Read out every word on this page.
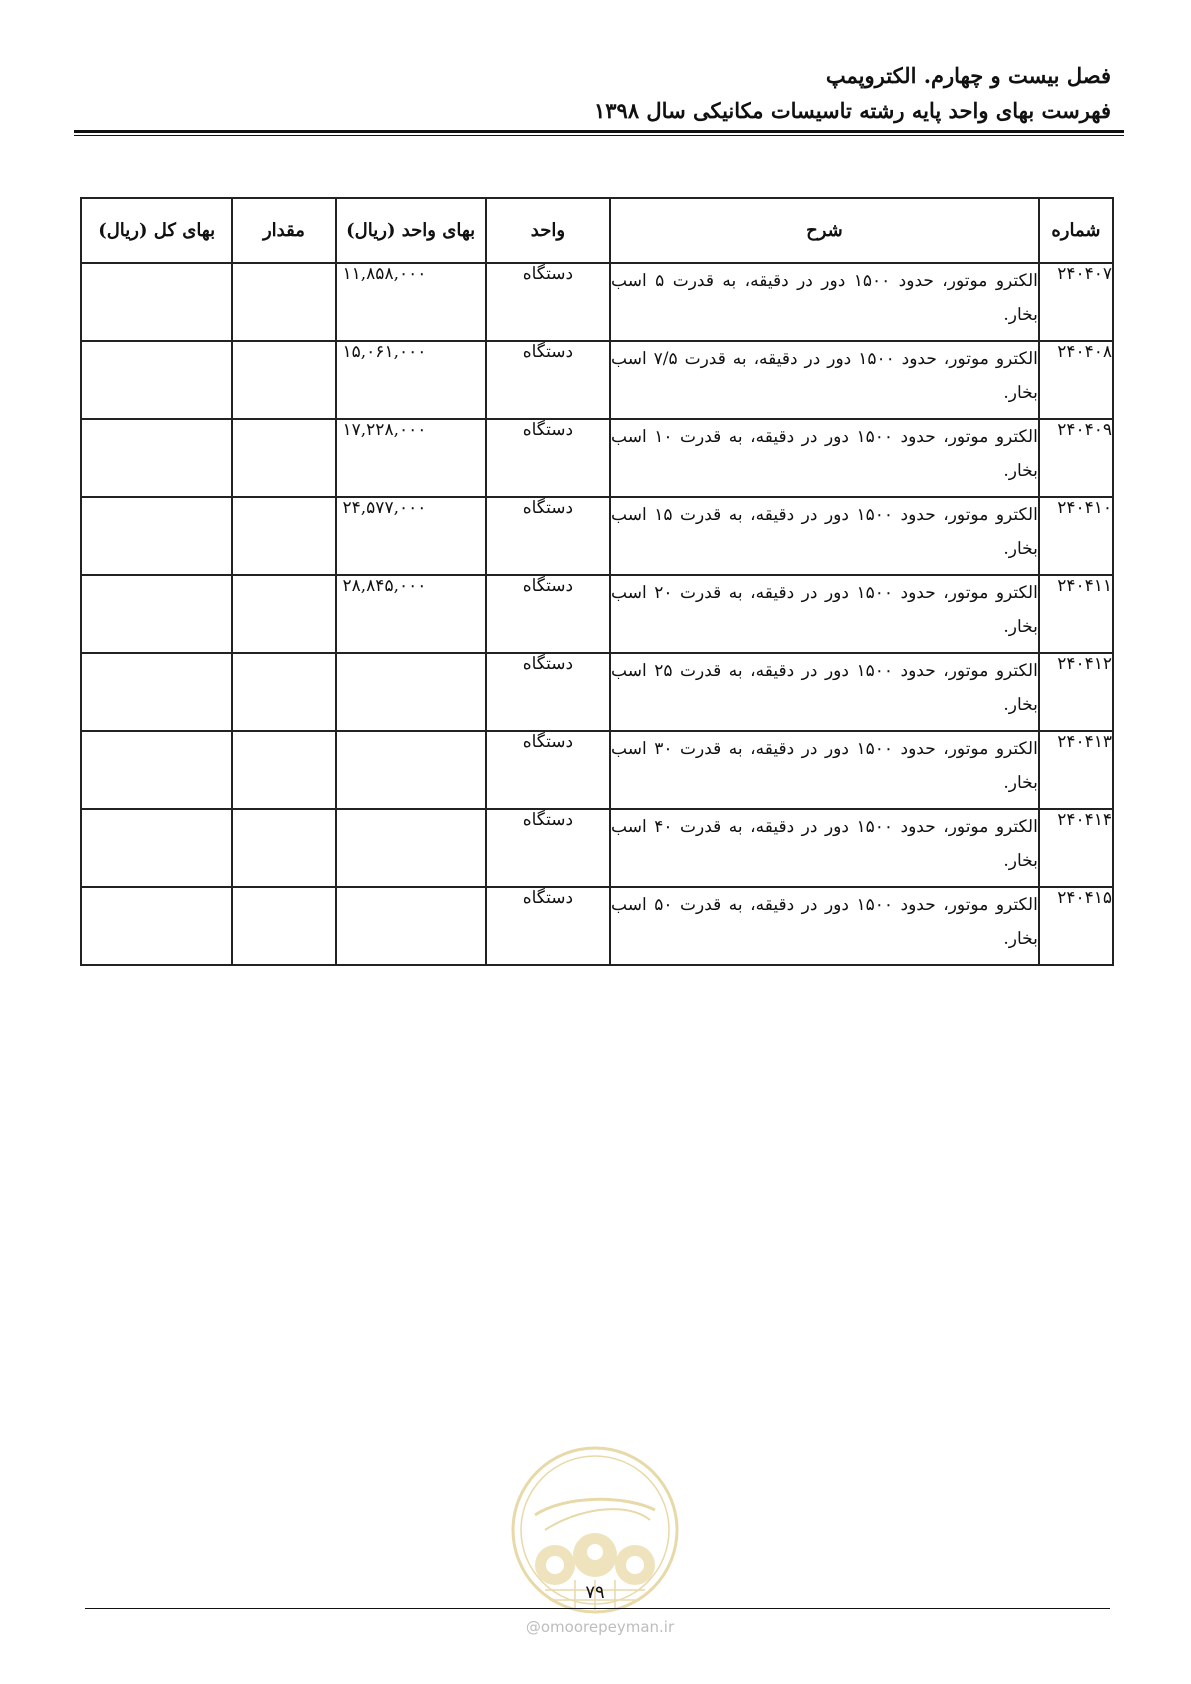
فصل بیست و چهارم. الکتروپمپ
فهرست بهای واحد پایه رشته تاسیسات مکانیکی سال ۱۳۹۸
شماره	شرح	واحد	بهای واحد (ریال)	مقدار	بهای کل (ریال)
۲۴۰۴۰۷	الکترو موتور، حدود ۱۵۰۰ دور در دقیقه، به قدرت ۵ اسب بخار.	دستگاه	۱۱,۸۵۸,۰۰۰		

۲۴۰۴۰۸	الکترو موتور، حدود ۱۵۰۰ دور در دقیقه، به قدرت ۷/۵ اسب بخار.	دستگاه	۱۵,۰۶۱,۰۰۰		

۲۴۰۴۰۹	الکترو موتور، حدود ۱۵۰۰ دور در دقیقه، به قدرت ۱۰ اسب بخار.	دستگاه	۱۷,۲۲۸,۰۰۰		

۲۴۰۴۱۰	الکترو موتور، حدود ۱۵۰۰ دور در دقیقه، به قدرت ۱۵ اسب بخار.	دستگاه	۲۴,۵۷۷,۰۰۰		

۲۴۰۴۱۱	الکترو موتور، حدود ۱۵۰۰ دور در دقیقه، به قدرت ۲۰ اسب بخار.	دستگاه	۲۸,۸۴۵,۰۰۰		

۲۴۰۴۱۲	الکترو موتور، حدود ۱۵۰۰ دور در دقیقه، به قدرت ۲۵ اسب بخار.	دستگاه			

۲۴۰۴۱۳	الکترو موتور، حدود ۱۵۰۰ دور در دقیقه، به قدرت ۳۰ اسب بخار.	دستگاه			

۲۴۰۴۱۴	الکترو موتور، حدود ۱۵۰۰ دور در دقیقه، به قدرت ۴۰ اسب بخار.	دستگاه			

۲۴۰۴۱۵	الکترو موتور، حدود ۱۵۰۰ دور در دقیقه، به قدرت ۵۰ اسب بخار.	دستگاه			

۷۹
@omoorepeyman.ir
